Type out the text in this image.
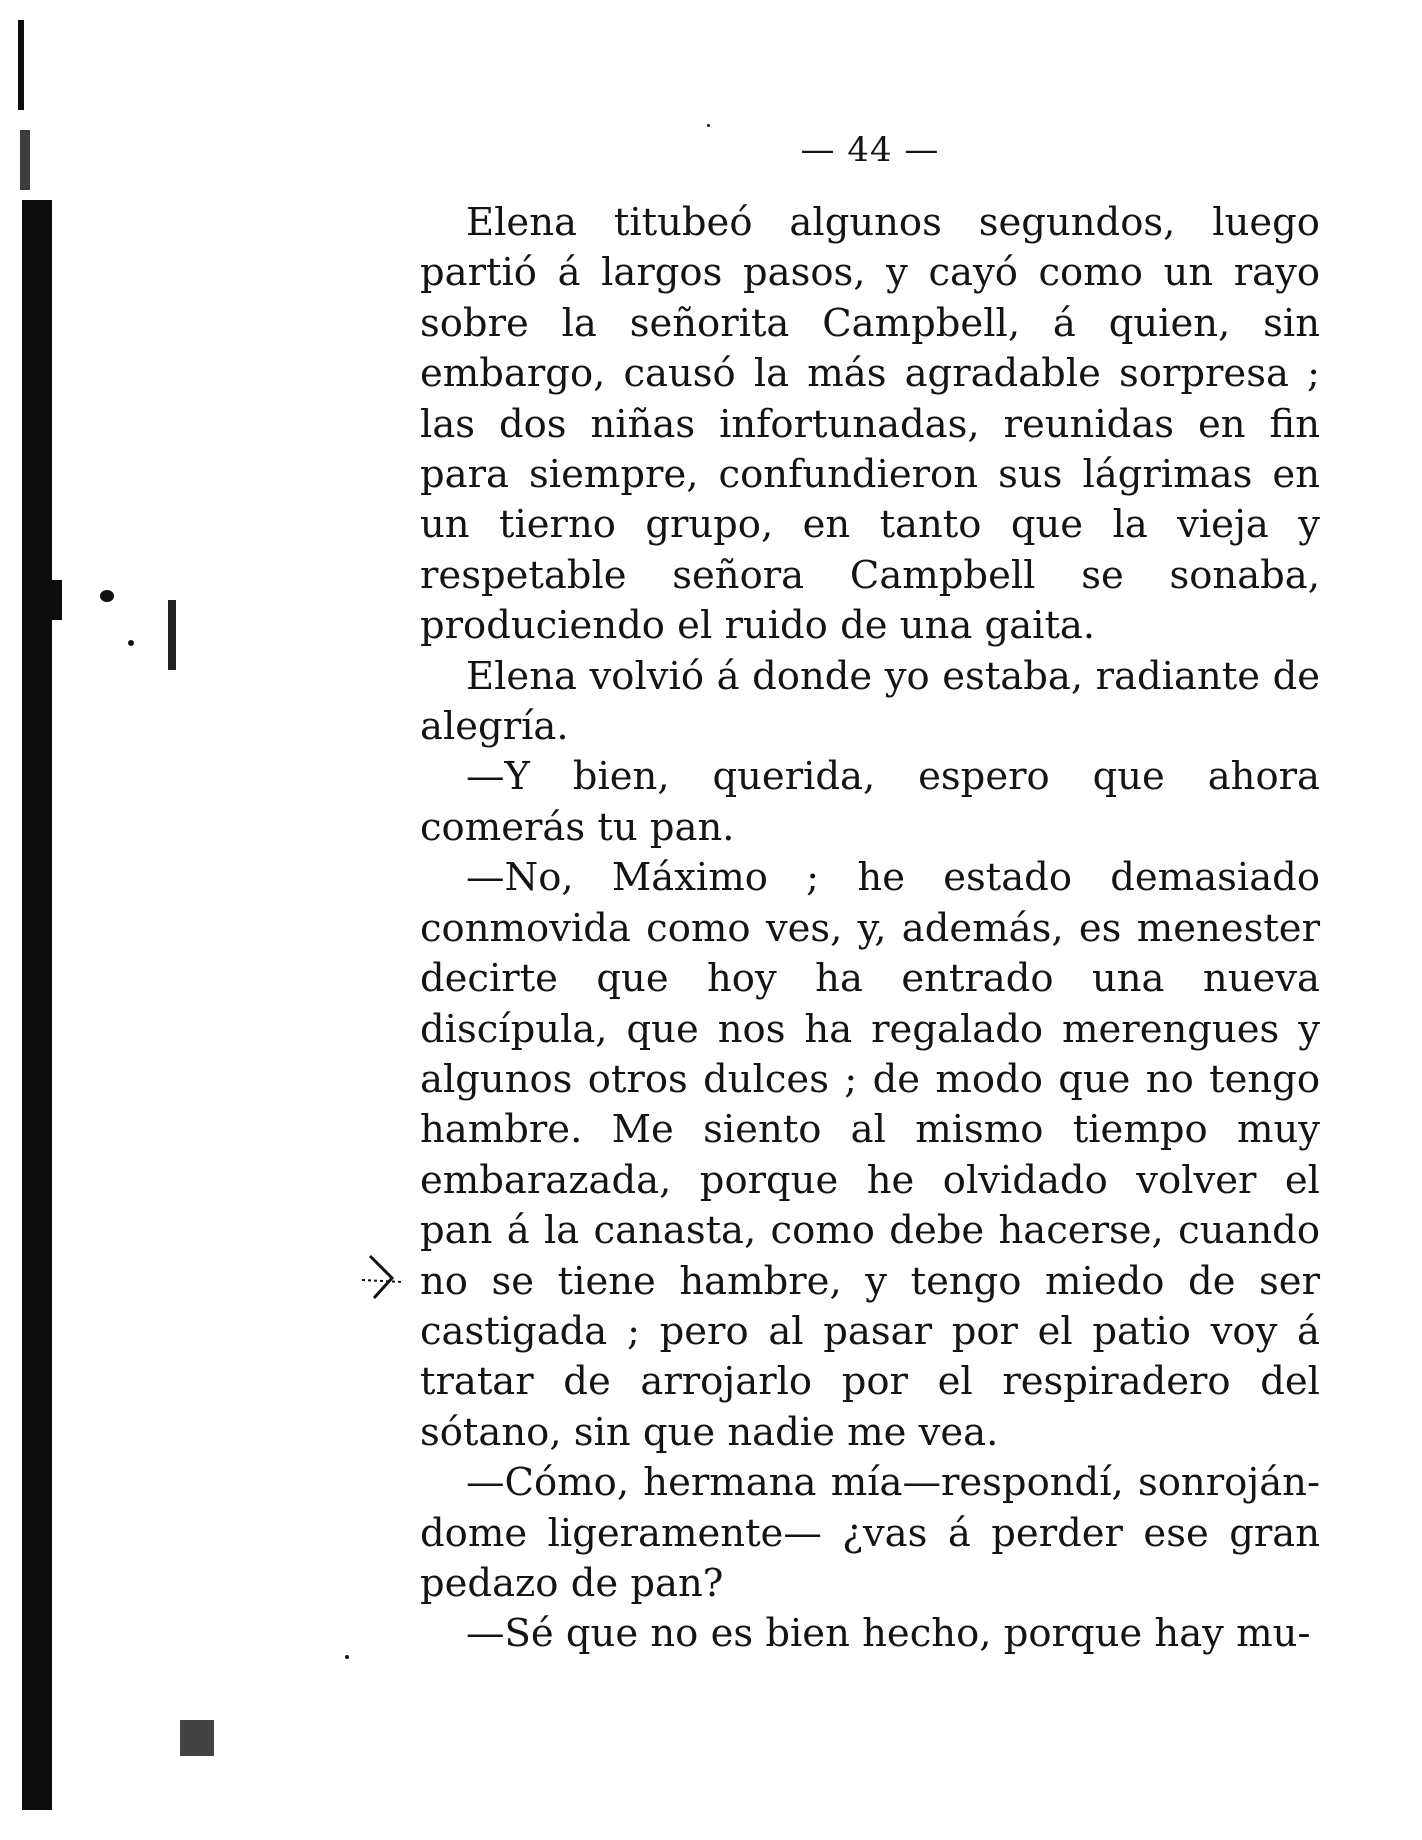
— 44 —

Elena titubeó algunos segundos, luego partió á largos pasos, y cayó como un rayo sobre la señorita Campbell, á quien, sin embargo, causó la más agradable sorpresa ; las dos niñas infortunadas, reunidas en fin para siempre, confundieron sus lágrimas en un tierno grupo, en tanto que la vieja y respetable señora Campbell se sonaba, produciendo el ruido de una gaita.

Elena volvió á donde yo estaba, radiante de alegría.

—Y bien, querida, espero que ahora comerás tu pan.

—No, Máximo ; he estado demasiado conmovida como ves, y, además, es menester decirte que hoy ha entrado una nueva discípula, que nos ha regalado merengues y algunos otros dulces ; de modo que no tengo hambre. Me siento al mismo tiempo muy embarazada, porque he olvidado volver el pan á la canasta, como debe hacerse, cuando no se tiene hambre, y tengo miedo de ser castigada ; pero al pasar por el patio voy á tratar de arrojarlo por el respiradero del sótano, sin que nadie me vea.

—Cómo, hermana mía—respondí, sonrojándome ligeramente— ¿vas á perder ese gran pedazo de pan?

—Sé que no es bien hecho, porque hay mu-
